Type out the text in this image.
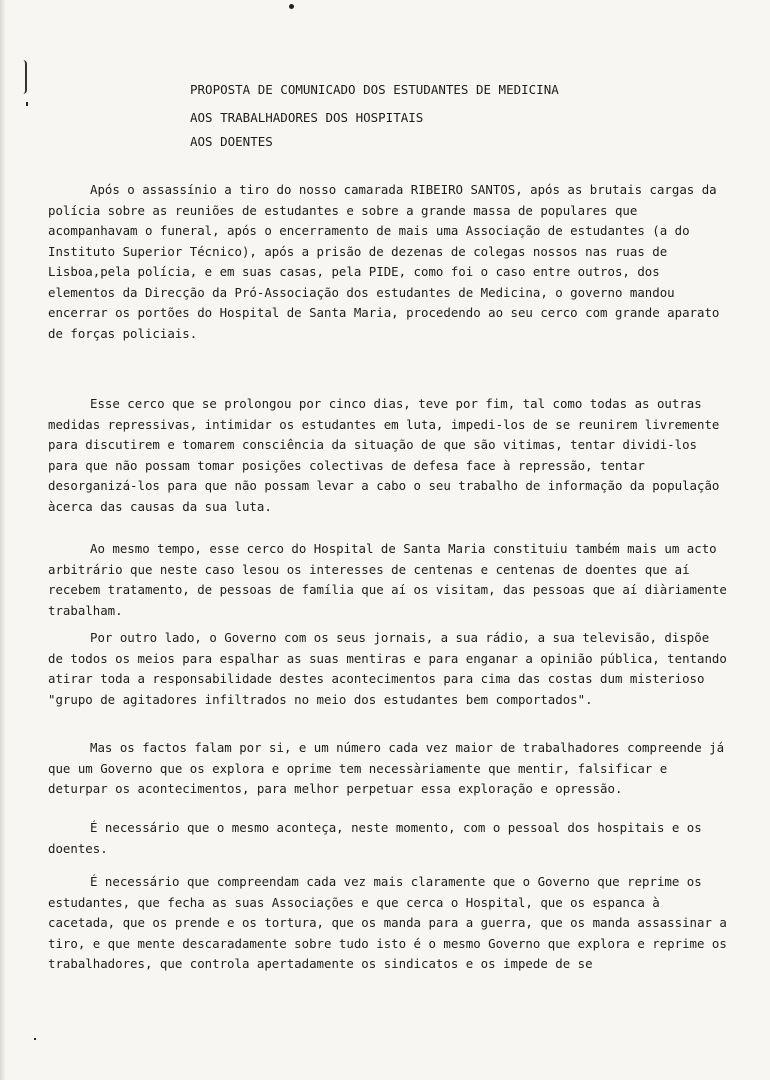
PROPOSTA DE COMUNICADO DOS ESTUDANTES DE MEDICINA
AOS TRABALHADORES DOS HOSPITAIS
AOS DOENTES

Após o assassínio a tiro do nosso camarada RIBEIRO SANTOS, após as brutais cargas da polícia sobre as reuniões de estudantes e sobre a grande massa de populares que acompanhavam o funeral, após o encerramento de mais uma Associação de estudantes (a do Instituto Superior Técnico), após a prisão de dezenas de colegas nossos nas ruas de Lisboa,pela polícia, e em suas casas, pela PIDE, como foi o caso entre outros, dos elementos da Direcção da Pró-Associação dos estudantes de Medicina, o governo mandou encerrar os portões do Hospital de Santa Maria, procedendo ao seu cerco com grande aparato de forças policiais.

Esse cerco que se prolongou por cinco dias, teve por fim, tal como todas as outras medidas repressivas, intimidar os estudantes em luta, impedi-los de se reunirem livremente para discutirem e tomarem consciência da situação de que são vitimas, tentar dividi-los para que não possam tomar posições colectivas de defesa face à repressão, tentar desorganizá-los para que não possam levar a cabo o seu trabalho de informação da população àcerca das causas da sua luta.

Ao mesmo tempo, esse cerco do Hospital de Santa Maria constituiu também mais um acto arbitrário que neste caso lesou os interesses de centenas e centenas de doentes que aí recebem tratamento, de pessoas de família que aí os visitam, das pessoas que aí diàriamente trabalham.

Por outro lado, o Governo com os seus jornais, a sua rádio, a sua televisão, dispõe de todos os meios para espalhar as suas mentiras e para enganar a opinião pública, tentando atirar toda a responsabilidade destes acontecimentos para cima das costas dum misterioso "grupo de agitadores infiltrados no meio dos estudantes bem comportados".

Mas os factos falam por si, e um número cada vez maior de trabalhadores compreende já que um Governo que os explora e oprime tem necessàriamente que mentir, falsificar e deturpar os acontecimentos, para melhor perpetuar essa exploração e opressão.

É necessário que o mesmo aconteça, neste momento, com o pessoal dos hospitais e os doentes.

É necessário que compreendam cada vez mais claramente que o Governo que reprime os estudantes, que fecha as suas Associações e que cerca o Hospital, que os espanca à cacetada, que os prende e os tortura, que os manda para a guerra, que os manda assassinar a tiro, e que mente descaradamente sobre tudo isto é o mesmo Governo que explora e reprime os trabalhadores, que controla apertadamente os sindicatos e os impede de se
